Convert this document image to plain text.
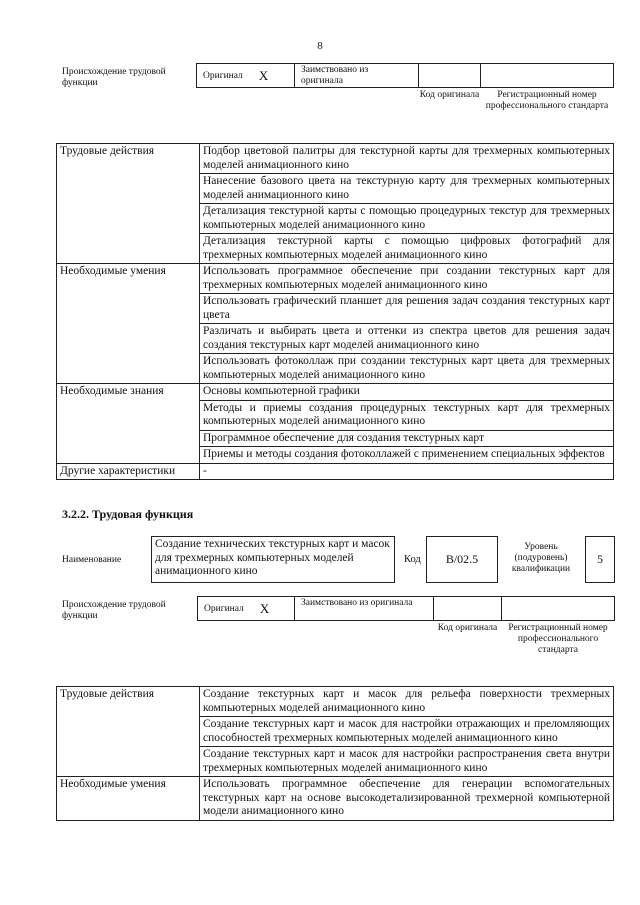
8
Происхождение трудовой функции
Оригинал X	Заимствовано из оригинала
Код оригинала	Регистрационный номер профессионального стандарта
Трудовые действия	Подбор цветовой палитры для текстурной карты для трехмерных компьютерных моделей анимационного кино
	Нанесение базового цвета на текстурную карту для трехмерных компьютерных моделей анимационного кино
	Детализация текстурной карты с помощью процедурных текстур для трехмерных компьютерных моделей анимационного кино
	Детализация текстурной карты с помощью цифровых фотографий для трехмерных компьютерных моделей анимационного кино
Необходимые умения	Использовать программное обеспечение при создании текстурных карт для трехмерных компьютерных моделей анимационного кино
	Использовать графический планшет для решения задач создания текстурных карт цвета
	Различать и выбирать цвета и оттенки из спектра цветов для решения задач создания текстурных карт моделей анимационного кино
	Использовать фотоколлаж при создании текстурных карт цвета для трехмерных компьютерных моделей анимационного кино
Необходимые знания	Основы компьютерной графики
	Методы и приемы создания процедурных текстурных карт для трехмерных компьютерных моделей анимационного кино
	Программное обеспечение для создания текстурных карт
	Приемы и методы создания фотоколлажей с применением специальных эффектов
Другие характеристики	-
3.2.2. Трудовая функция
Наименование
Создание технических текстурных карт и масок для трехмерных компьютерных моделей анимационного кино
Код	B/02.5
Уровень (подуровень) квалификации
5
Происхождение трудовой функции
Оригинал X	Заимствовано из оригинала
Код оригинала	Регистрационный номер профессионального стандарта
Трудовые действия	Создание текстурных карт и масок для рельефа поверхности трехмерных компьютерных моделей анимационного кино
	Создание текстурных карт и масок для настройки отражающих и преломляющих способностей трехмерных компьютерных моделей анимационного кино
	Создание текстурных карт и масок для настройки распространения света внутри трехмерных компьютерных моделей анимационного кино
Необходимые умения	Использовать программное обеспечение для генерации вспомогательных текстурных карт на основе высокодетализированной трехмерной компьютерной модели анимационного кино
